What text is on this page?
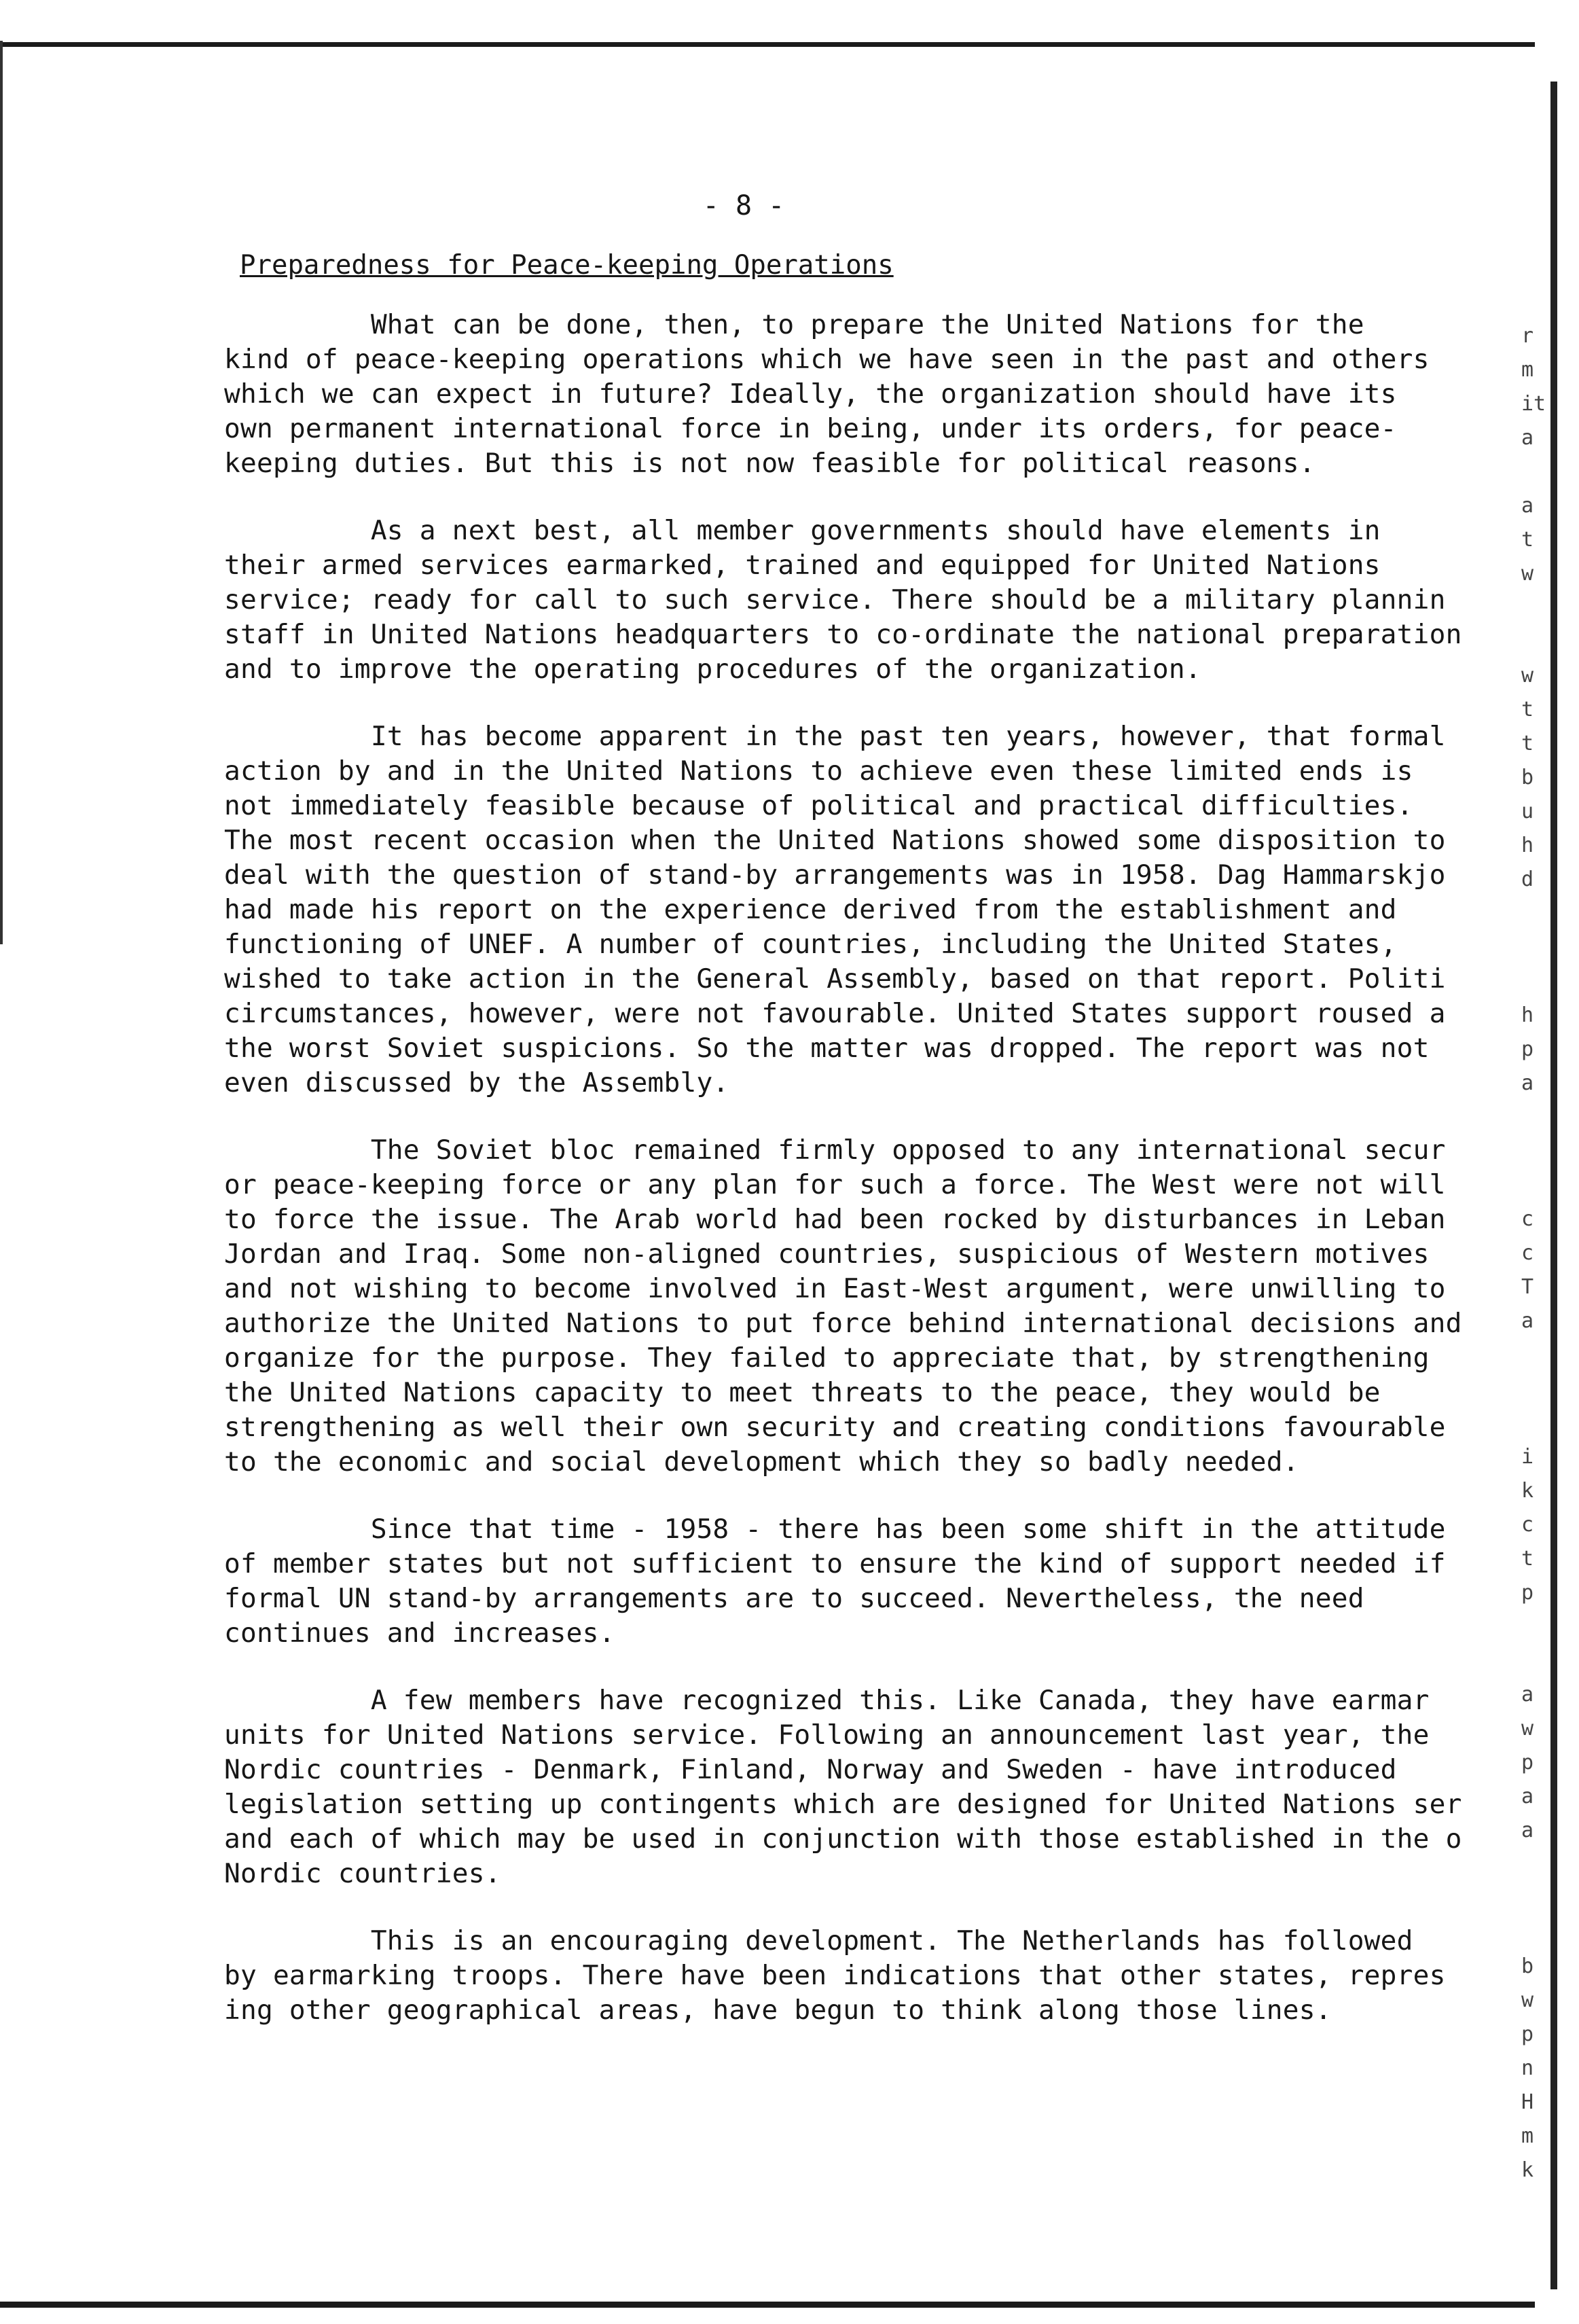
r
m
it
a
a
t
w
w
t
t
b
u
h
d
h
p
a
c
c
T
a
i
k
c
t
p
a
w
p
a
a
b
w
p
n
H
m
k
- 8 -
Preparedness for Peace-keeping Operations
What can be done, then, to prepare the United Nations for the
kind of peace-keeping operations which we have seen in the past and others
which we can expect in future? Ideally, the organization should have its
own permanent international force in being, under its orders, for peace-
keeping duties. But this is not now feasible for political reasons.
As a next best, all member governments should have elements in
their armed services earmarked, trained and equipped for United Nations
service; ready for call to such service. There should be a military plannin
staff in United Nations headquarters to co-ordinate the national preparation
and to improve the operating procedures of the organization.
It has become apparent in the past ten years, however, that formal
action by and in the United Nations to achieve even these limited ends is
not immediately feasible because of political and practical difficulties.
The most recent occasion when the United Nations showed some disposition to
deal with the question of stand-by arrangements was in 1958. Dag Hammarskjo
had made his report on the experience derived from the establishment and
functioning of UNEF. A number of countries, including the United States,
wished to take action in the General Assembly, based on that report. Politi
circumstances, however, were not favourable. United States support roused a
the worst Soviet suspicions. So the matter was dropped. The report was not
even discussed by the Assembly.
The Soviet bloc remained firmly opposed to any international secur
or peace-keeping force or any plan for such a force. The West were not will
to force the issue. The Arab world had been rocked by disturbances in Leban
Jordan and Iraq. Some non-aligned countries, suspicious of Western motives
and not wishing to become involved in East-West argument, were unwilling to
authorize the United Nations to put force behind international decisions and
organize for the purpose. They failed to appreciate that, by strengthening
the United Nations capacity to meet threats to the peace, they would be
strengthening as well their own security and creating conditions favourable
to the economic and social development which they so badly needed.
Since that time - 1958 - there has been some shift in the attitude
of member states but not sufficient to ensure the kind of support needed if
formal UN stand-by arrangements are to succeed. Nevertheless, the need
continues and increases.
A few members have recognized this. Like Canada, they have earmar
units for United Nations service. Following an announcement last year, the
Nordic countries - Denmark, Finland, Norway and Sweden - have introduced
legislation setting up contingents which are designed for United Nations ser
and each of which may be used in conjunction with those established in the o
Nordic countries.
This is an encouraging development. The Netherlands has followed
by earmarking troops. There have been indications that other states, repres
ing other geographical areas, have begun to think along those lines.
